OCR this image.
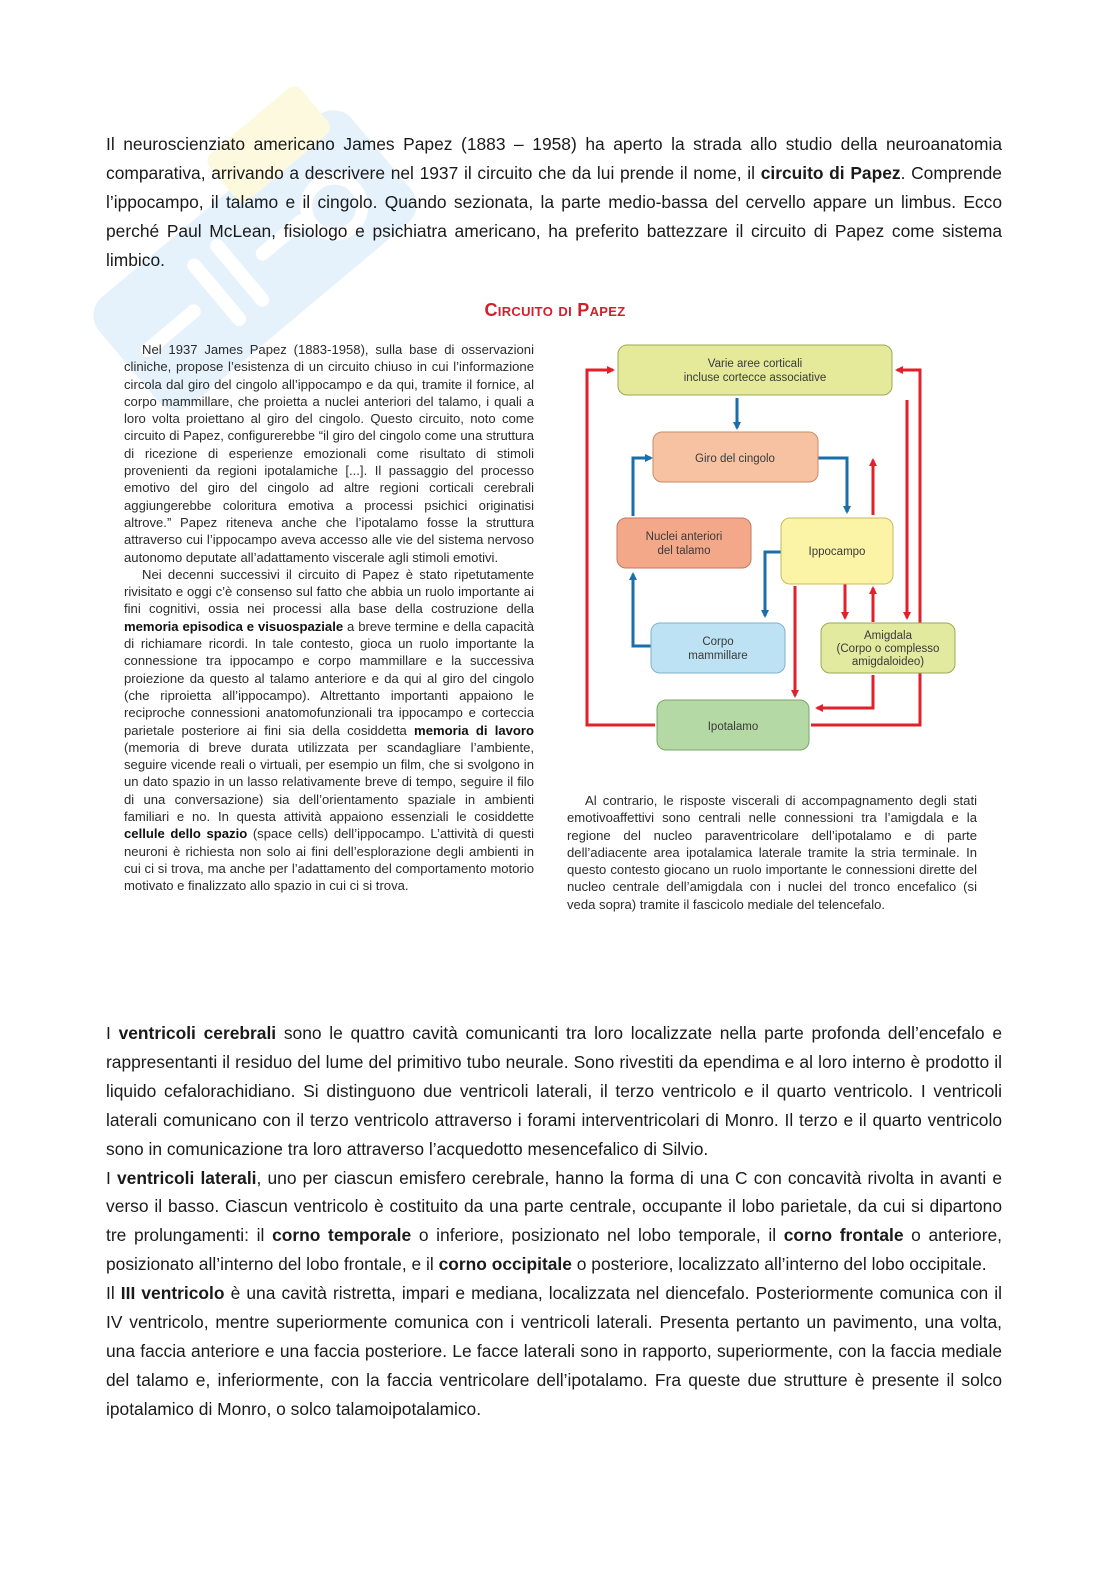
Il neuroscienziato americano James Papez (1883 – 1958) ha aperto la strada allo studio della neuroanatomia comparativa, arrivando a descrivere nel 1937 il circuito che da lui prende il nome, il circuito di Papez. Comprende l’ippocampo, il talamo e il cingolo. Quando sezionata, la parte medio-bassa del cervello appare un limbus. Ecco perché Paul McLean, fisiologo e psichiatra americano, ha preferito battezzare il circuito di Papez come sistema limbico.

Circuito di Papez

Nel 1937 James Papez (1883-1958), sulla base di osservazioni cliniche, propose l’esistenza di un circuito chiuso in cui l’informazione circola dal giro del cingolo all’ippocampo e da qui, tramite il fornice, al corpo mammillare, che proietta a nuclei anteriori del talamo, i quali a loro volta proiettano al giro del cingolo. Questo circuito, noto come circuito di Papez, configurerebbe “il giro del cingolo come una struttura di ricezione di esperienze emozionali come risultato di stimoli provenienti da regioni ipotalamiche [...]. Il passaggio del processo emotivo del giro del cingolo ad altre regioni corticali cerebrali aggiungerebbe coloritura emotiva a processi psichici originatisi altrove.” Papez riteneva anche che l’ipotalamo fosse la struttura attraverso cui l’ippocampo aveva accesso alle vie del sistema nervoso autonomo deputate all’adattamento viscerale agli stimoli emotivi.

Nei decenni successivi il circuito di Papez è stato ripetutamente rivisitato e oggi c’è consenso sul fatto che abbia un ruolo importante ai fini cognitivi, ossia nei processi alla base della costruzione della memoria episodica e visuospaziale a breve termine e della capacità di richiamare ricordi. In tale contesto, gioca un ruolo importante la connessione tra ippocampo e corpo mammillare e la successiva proiezione da questo al talamo anteriore e da qui al giro del cingolo (che riproietta all’ippocampo). Altrettanto importanti appaiono le reciproche connessioni anatomofunzionali tra ippocampo e corteccia parietale posteriore ai fini sia della cosiddetta memoria di lavoro (memoria di breve durata utilizzata per scandagliare l’ambiente, seguire vicende reali o virtuali, per esempio un film, che si svolgono in un dato spazio in un lasso relativamente breve di tempo, seguire il filo di una conversazione) sia dell’orientamento spaziale in ambienti familiari e no. In questa attività appaiono essenziali le cosiddette cellule dello spazio (space cells) dell’ippocampo. L’attività di questi neuroni è richiesta non solo ai fini dell’esplorazione degli ambienti in cui ci si trova, ma anche per l’adattamento del comportamento motorio motivato e finalizzato allo spazio in cui ci si trova.

Varie aree corticali
incluse cortecce associative
Giro del cingolo
Nuclei anteriori
del talamo	Ippocampo
Corpo
mammillare
Amigdala
(Corpo o complesso
amigdaloideo)
Ipotalamo

Al contrario, le risposte viscerali di accompagnamento degli stati emotivoaffettivi sono centrali nelle connessioni tra l’amigdala e la regione del nucleo paraventricolare dell’ipotalamo e di parte dell’adiacente area ipotalamica laterale tramite la stria terminale. In questo contesto giocano un ruolo importante le connessioni dirette del nucleo centrale dell’amigdala con i nuclei del tronco encefalico (si veda sopra) tramite il fascicolo mediale del telencefalo.

I ventricoli cerebrali sono le quattro cavità comunicanti tra loro localizzate nella parte profonda dell’encefalo e rappresentanti il residuo del lume del primitivo tubo neurale. Sono rivestiti da ependima e al loro interno è prodotto il liquido cefalorachidiano. Si distinguono due ventricoli laterali, il terzo ventricolo e il quarto ventricolo. I ventricoli laterali comunicano con il terzo ventricolo attraverso i forami interventricolari di Monro. Il terzo e il quarto ventricolo sono in comunicazione tra loro attraverso l’acquedotto mesencefalico di Silvio.
I ventricoli laterali, uno per ciascun emisfero cerebrale, hanno la forma di una C con concavità rivolta in avanti e verso il basso. Ciascun ventricolo è costituito da una parte centrale, occupante il lobo parietale, da cui si dipartono tre prolungamenti: il corno temporale o inferiore, posizionato nel lobo temporale, il corno frontale o anteriore, posizionato all’interno del lobo frontale, e il corno occipitale o posteriore, localizzato all’interno del lobo occipitale.
Il III ventricolo è una cavità ristretta, impari e mediana, localizzata nel diencefalo. Posteriormente comunica con il IV ventricolo, mentre superiormente comunica con i ventricoli laterali. Presenta pertanto un pavimento, una volta, una faccia anteriore e una faccia posteriore. Le facce laterali sono in rapporto, superiormente, con la faccia mediale del talamo e, inferiormente, con la faccia ventricolare dell’ipotalamo. Fra queste due strutture è presente il solco ipotalamico di Monro, o solco talamoipotalamico.
